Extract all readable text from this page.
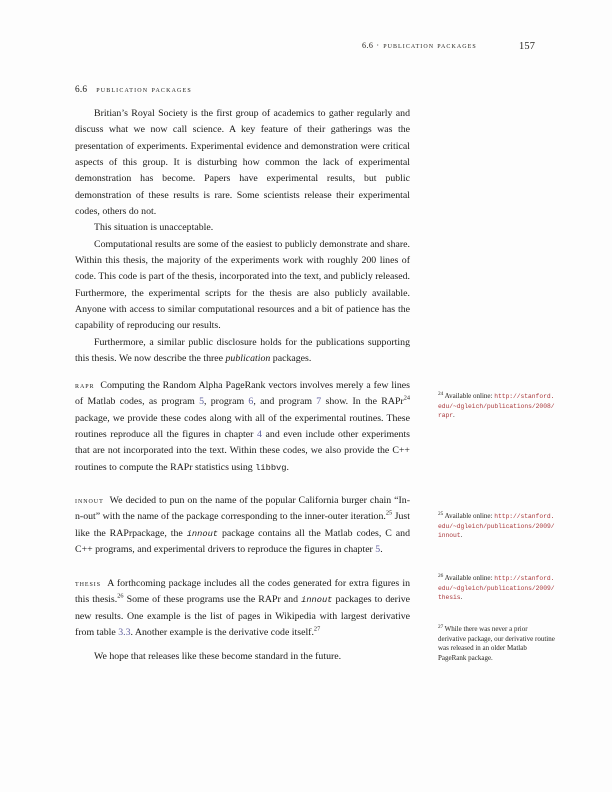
6.6 · publication packages	157
6.6 publication packages

Britian’s Royal Society is the first group of academics to gather regularly and discuss what we now call science. A key feature of their gatherings was the presentation of experiments. Experimental evidence and demonstration were critical aspects of this group. It is disturbing how common the lack of experimental demonstration has become. Papers have experimental results, but public demonstration of these results is rare. Some scientists release their experimental codes, others do not.

This situation is unacceptable.

Computational results are some of the easiest to publicly demonstrate and share. Within this thesis, the majority of the experiments work with roughly 200 lines of code. This code is part of the thesis, incorporated into the text, and publicly released. Furthermore, the experimental scripts for the thesis are also publicly available. Anyone with access to similar computational resources and a bit of patience has the capability of reproducing our results.

Furthermore, a similar public disclosure holds for the publications supporting this thesis. We now describe the three publication packages.

rapr Computing the Random Alpha PageRank vectors involves merely a few lines of Matlab codes, as program 5, program 6, and program 7 show. In the RAPr$^{24}$ package, we provide these codes along with all of the experimental routines. These routines reproduce all the figures in chapter 4 and even include other experiments that are not incorporated into the text. Within these codes, we also provide the C++ routines to compute the RAPr statistics using libbvg.

innout We decided to pun on the name of the popular California burger chain “In-n-out” with the name of the package corresponding to the inner-outer iteration.$^{25}$ Just like the RAPrpackage, the innout package contains all the Matlab codes, C and C++ programs, and experimental drivers to reproduce the figures in chapter 5.

thesis A forthcoming package includes all the codes generated for extra figures in this thesis.$^{26}$ Some of these programs use the RAPr and innout packages to derive new results. One example is the list of pages in Wikipedia with largest derivative from table 3.3. Another example is the derivative code itself.$^{27}$

We hope that releases like these become standard in the future.

$^{24}$Available online: http://stanford.edu/~dgleich/publications/2008/rapr.
$^{25}$Available online: http://stanford.edu/~dgleich/publications/2009/innout.
$^{26}$Available online: http://stanford.edu/~dgleich/publications/2009/thesis.
$^{27}$While there was never a prior derivative package, our derivative routine was released in an older Matlab PageRank package.
